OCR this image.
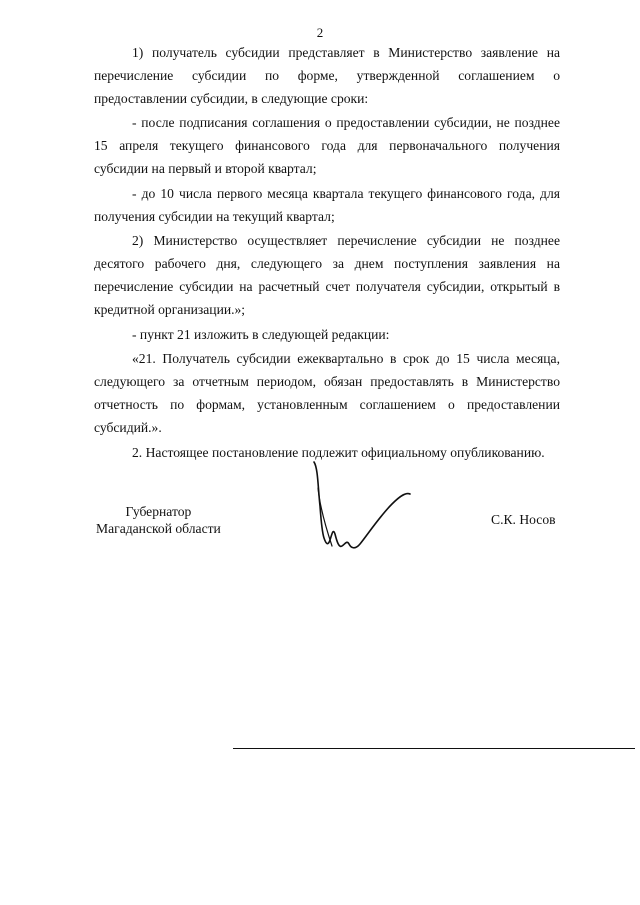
2

1) получатель субсидии представляет в Министерство заявление на перечисление субсидии по форме, утвержденной соглашением о предоставлении субсидии, в следующие сроки:

- после подписания соглашения о предоставлении субсидии, не позднее 15 апреля текущего финансового года для первоначального получения субсидии на первый и второй квартал;

- до 10 числа первого месяца квартала текущего финансового года, для получения субсидии на текущий квартал;

2) Министерство осуществляет перечисление субсидии не позднее десятого рабочего дня, следующего за днем поступления заявления на перечисление субсидии на расчетный счет получателя субсидии, открытый в кредитной организации.»;

- пункт 21 изложить в следующей редакции:

«21. Получатель субсидии ежеквартально в срок до 15 числа месяца, следующего за отчетным периодом, обязан предоставлять в Министерство отчетность по формам, установленным соглашением о предоставлении субсидий.».

2. Настоящее постановление подлежит официальному опубликованию.

Губернатор
Магаданской области
С.К. Носов
